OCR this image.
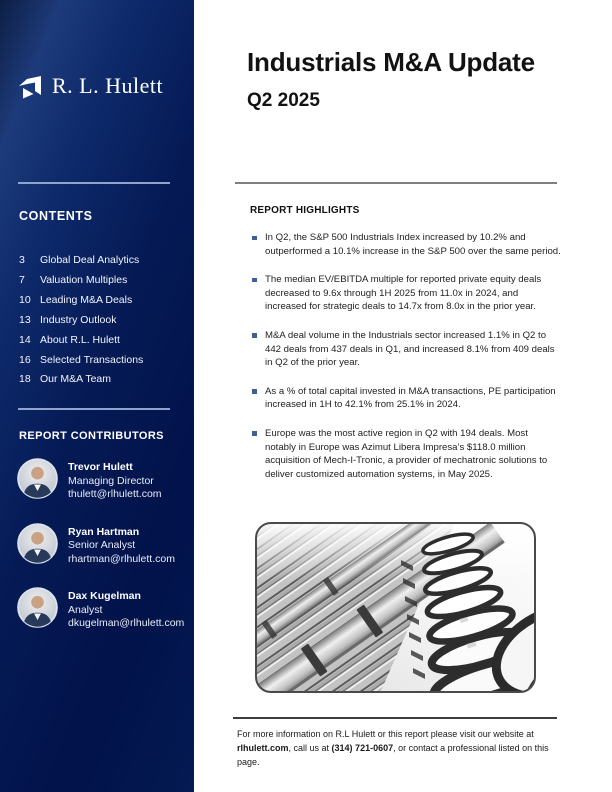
R. L. Hulett
CONTENTS
3	Global Deal Analytics
7	Valuation Multiples
10 Leading M&A Deals
13 Industry Outlook
14 About R.L. Hulett
16 Selected Transactions
18 Our M&A Team
REPORT CONTRIBUTORS
Trevor Hulett
Managing Director
thulett@rlhulett.com
Ryan Hartman
Senior Analyst
rhartman@rlhulett.com
Dax Kugelman
Analyst
dkugelman@rlhulett.com
Industrials M&A Update
Q2 2025
REPORT HIGHLIGHTS
In Q2, the S&P 500 Industrials Index increased by 10.2% and outperformed a 10.1% increase in the S&P 500 over the same period.
The median EV/EBITDA multiple for reported private equity deals decreased to 9.6x through 1H 2025 from 11.0x in 2024, and increased for strategic deals to 14.7x from 8.0x in the prior year.
M&A deal volume in the Industrials sector increased 1.1% in Q2 to 442 deals from 437 deals in Q1, and increased 8.1% from 409 deals in Q2 of the prior year.
As a % of total capital invested in M&A transactions, PE participation increased in 1H to 42.1% from 25.1% in 2024.
Europe was the most active region in Q2 with 194 deals. Most notably in Europe was Azimut Libera Impresa’s $118.0 million acquisition of Mech-I-Tronic, a provider of mechatronic solutions to deliver customized automation systems, in May 2025.

For more information on R.L Hulett or this report please visit our website at rlhulett.com, call us at (314) 721-0607, or contact a professional listed on this page.
